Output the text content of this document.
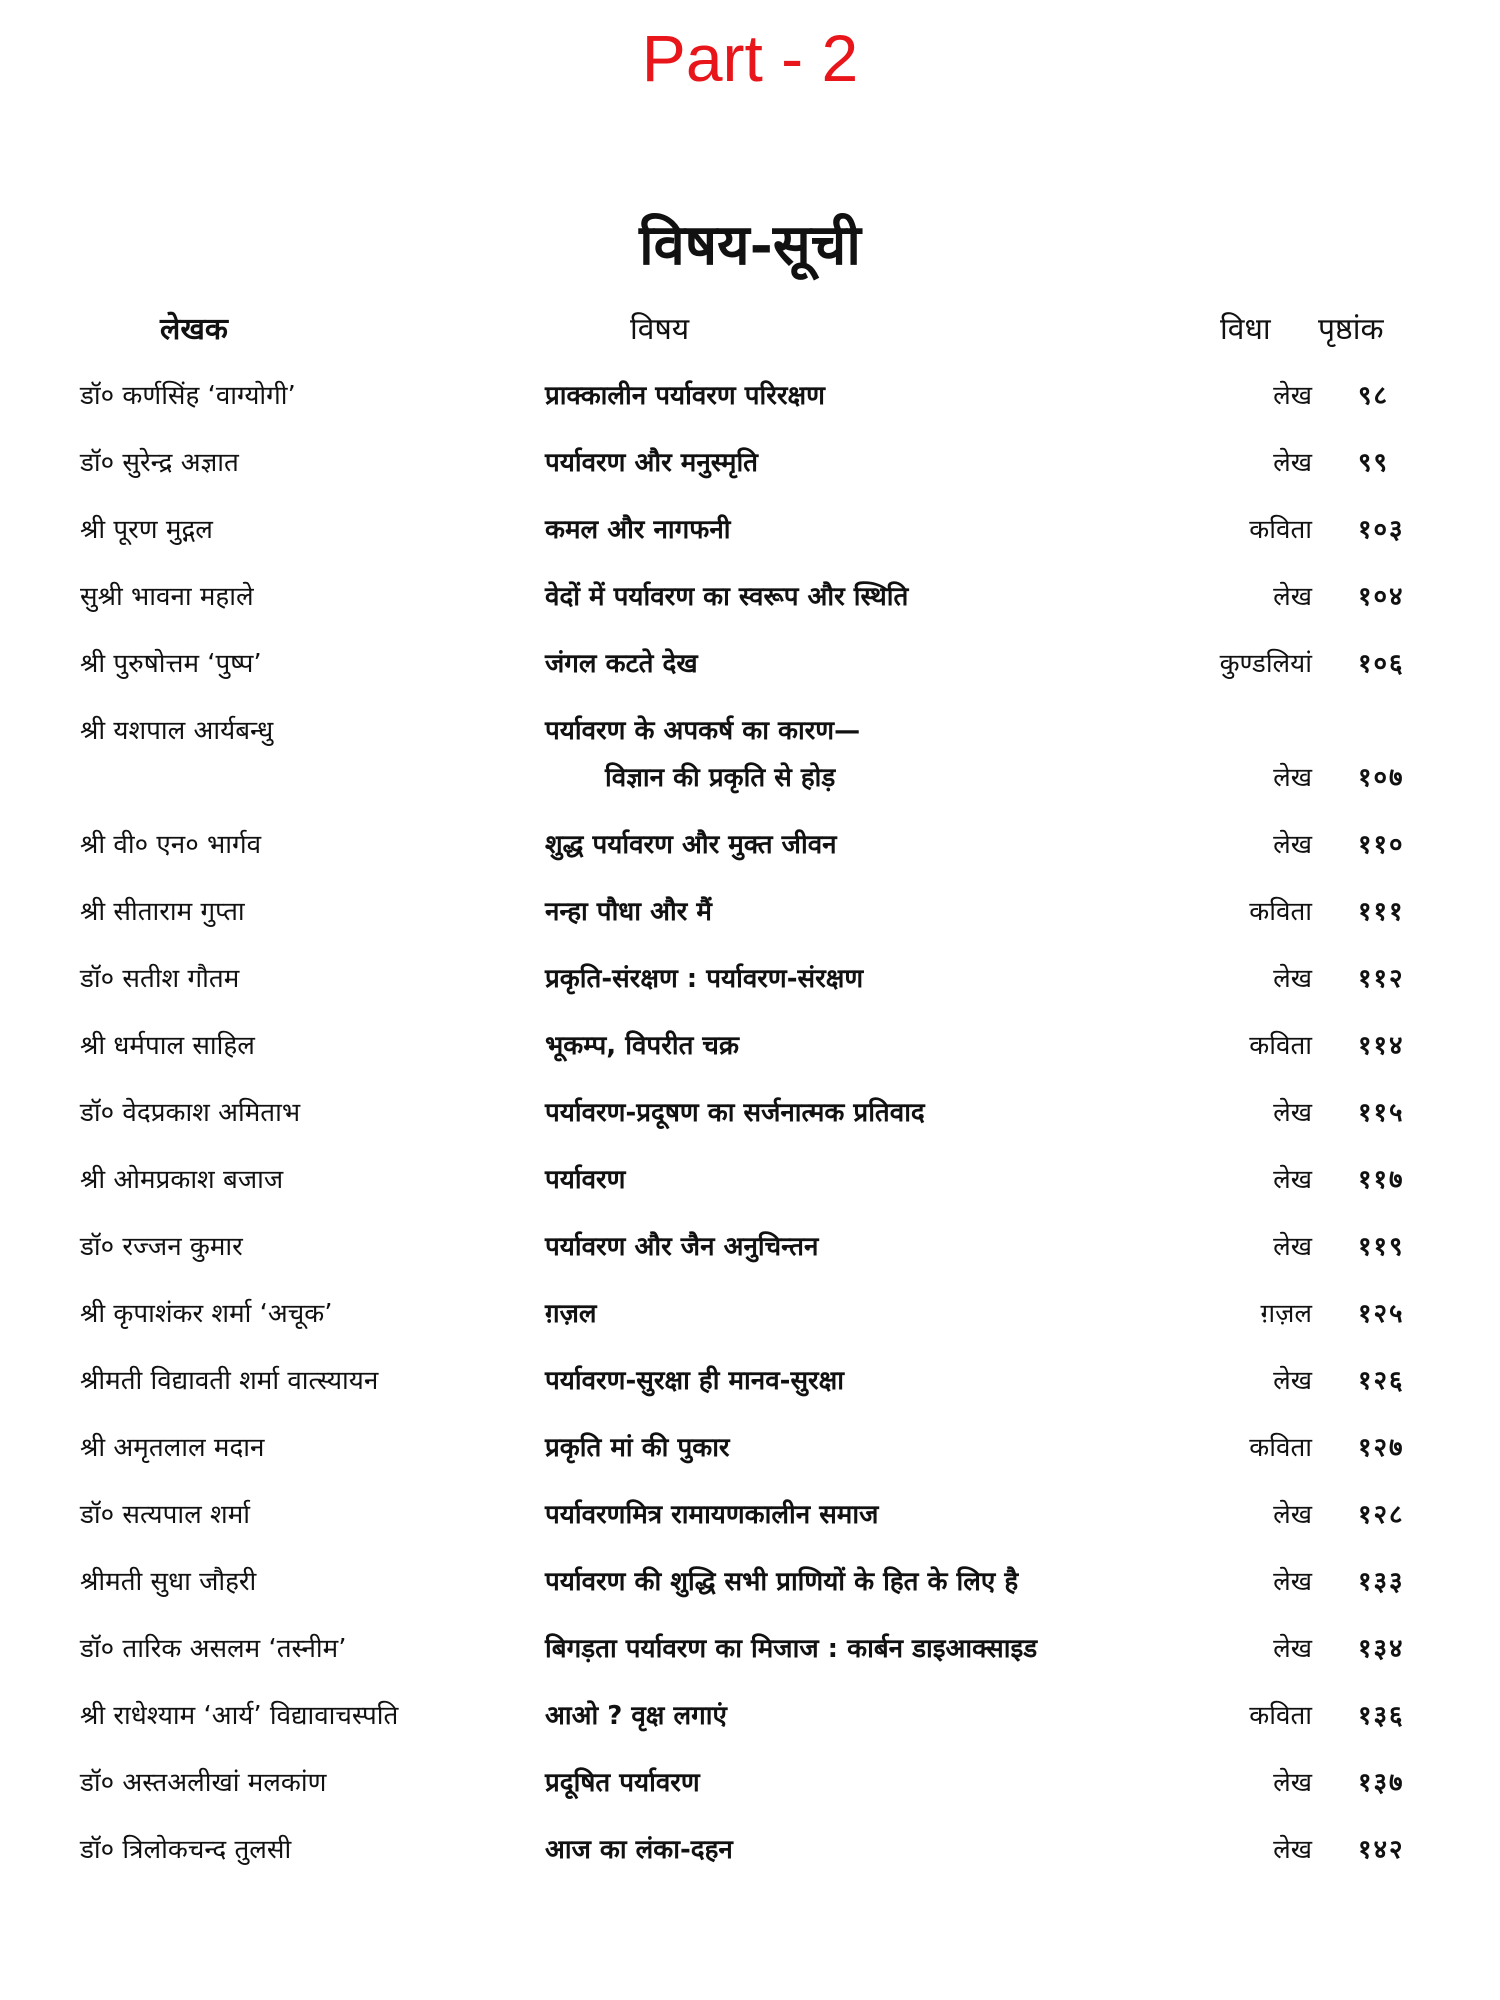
Part - 2
विषय-सूची
लेखक	विषय	विधा पृष्ठांक
डॉ० कर्णसिंह ‘वाग्योगी’	प्राक्कालीन पर्यावरण परिरक्षण	लेख ९८
डॉ० सुरेन्द्र अज्ञात	पर्यावरण और मनुस्मृति	लेख ९९
श्री पूरण मुद्गल	कमल और नागफनी	कविता १०३
सुश्री भावना महाले	वेदों में पर्यावरण का स्वरूप और स्थिति	लेख १०४
श्री पुरुषोत्तम ‘पुष्प’	जंगल कटते देख	कुण्डलियां १०६
श्री यशपाल आर्यबन्धु	पर्यावरण के अपकर्ष का कारण—
विज्ञान की प्रकृति से होड़	लेख १०७
श्री वी० एन० भार्गव	शुद्ध पर्यावरण और मुक्त जीवन	लेख ११०
श्री सीताराम गुप्ता	नन्हा पौधा और मैं	कविता १११
डॉ० सतीश गौतम	प्रकृति-संरक्षण : पर्यावरण-संरक्षण	लेख ११२
श्री धर्मपाल साहिल	भूकम्प, विपरीत चक्र	कविता ११४
डॉ० वेदप्रकाश अमिताभ	पर्यावरण-प्रदूषण का सर्जनात्मक प्रतिवाद	लेख ११५
श्री ओमप्रकाश बजाज	पर्यावरण	लेख ११७
डॉ० रज्जन कुमार	पर्यावरण और जैन अनुचिन्तन	लेख ११९
श्री कृपाशंकर शर्मा ‘अचूक’	ग़ज़ल	ग़ज़ल १२५
श्रीमती विद्यावती शर्मा वात्स्यायन	पर्यावरण-सुरक्षा ही मानव-सुरक्षा	लेख १२६
श्री अमृतलाल मदान	प्रकृति मां की पुकार	कविता १२७
डॉ० सत्यपाल शर्मा	पर्यावरणमित्र रामायणकालीन समाज	लेख १२८
श्रीमती सुधा जौहरी	पर्यावरण की शुद्धि सभी प्राणियों के हित के लिए है	लेख १३३
डॉ० तारिक असलम ‘तस्नीम’	बिगड़ता पर्यावरण का मिजाज : कार्बन डाइआक्साइड	लेख १३४
श्री राधेश्याम ‘आर्य’ विद्यावाचस्पति	आओ ? वृक्ष लगाएं	कविता १३६
डॉ० अस्तअलीखां मलकांण	प्रदूषित पर्यावरण	लेख १३७
डॉ० त्रिलोकचन्द तुलसी	आज का लंका-दहन	लेख १४२
